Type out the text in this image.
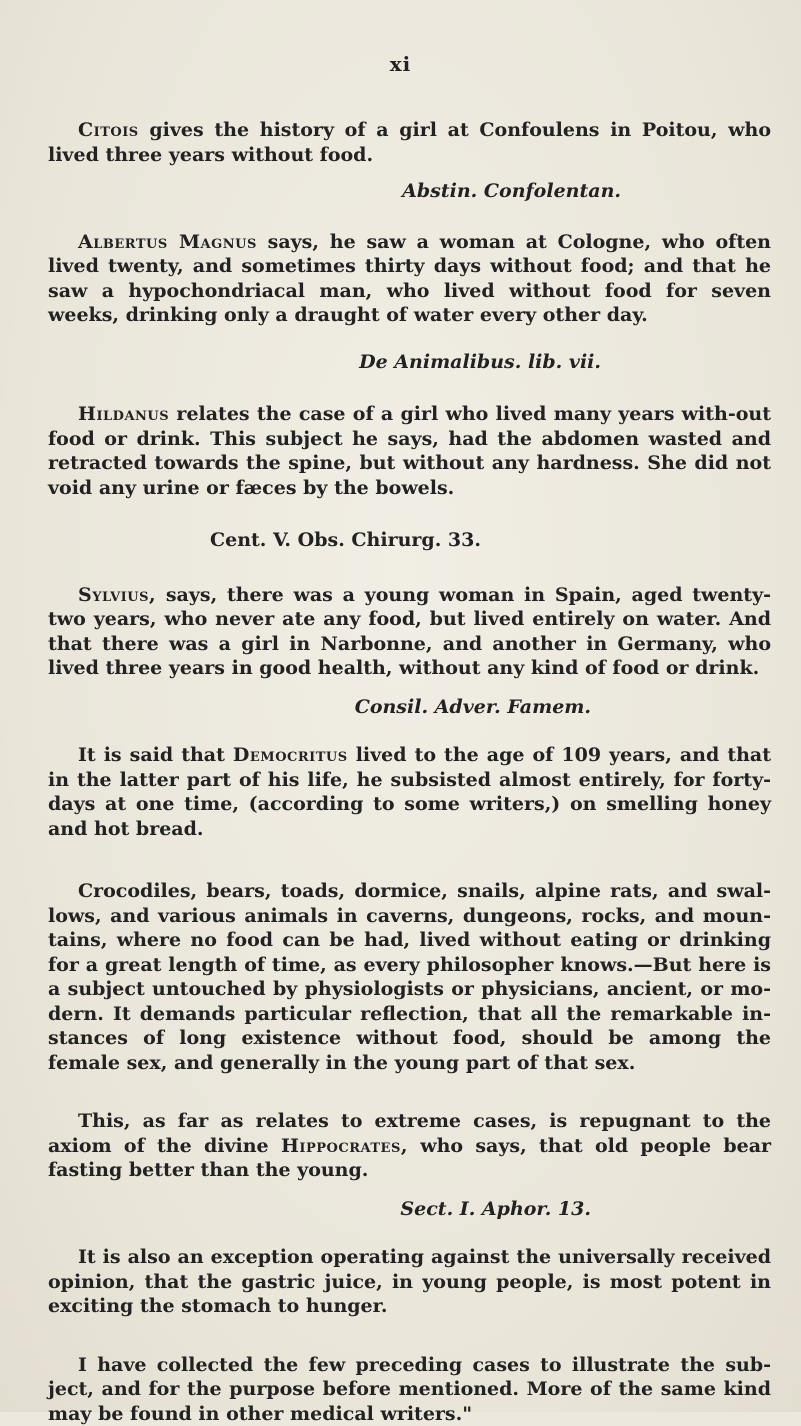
xi

Citois gives the history of a girl at Confoulens in Poitou, who lived three years without food.

Abstin. Confolentan.

Albertus Magnus says, he saw a woman at Cologne, who often lived twenty, and sometimes thirty days without food; and that he saw a hypochondriacal man, who lived without food for seven weeks, drinking only a draught of water every other day.

De Animalibus. lib. vii.

Hildanus relates the case of a girl who lived many years with-out food or drink. This subject he says, had the abdomen wasted and retracted towards the spine, but without any hardness. She did not void any urine or fæces by the bowels.

Cent. V. Obs. Chirurg. 33.

Sylvius, says, there was a young woman in Spain, aged twenty-two years, who never ate any food, but lived entirely on water. And that there was a girl in Narbonne, and another in Germany, who lived three years in good health, without any kind of food or drink.

Consil. Adver. Famem.

It is said that Democritus lived to the age of 109 years, and that in the latter part of his life, he subsisted almost entirely, for forty-days at one time, (according to some writers,) on smelling honey and hot bread.

Crocodiles, bears, toads, dormice, snails, alpine rats, and swal-lows, and various animals in caverns, dungeons, rocks, and moun-tains, where no food can be had, lived without eating or drinking for a great length of time, as every philosopher knows.—But here is a subject untouched by physiologists or physicians, ancient, or mo-dern. It demands particular reflection, that all the remarkable in-stances of long existence without food, should be among the female sex, and generally in the young part of that sex.

This, as far as relates to extreme cases, is repugnant to the axiom of the divine Hippocrates, who says, that old people bear fasting better than the young.

Sect. I. Aphor. 13.

It is also an exception operating against the universally received opinion, that the gastric juice, in young people, is most potent in exciting the stomach to hunger.

I have collected the few preceding cases to illustrate the sub-ject, and for the purpose before mentioned. More of the same kind may be found in other medical writers."
